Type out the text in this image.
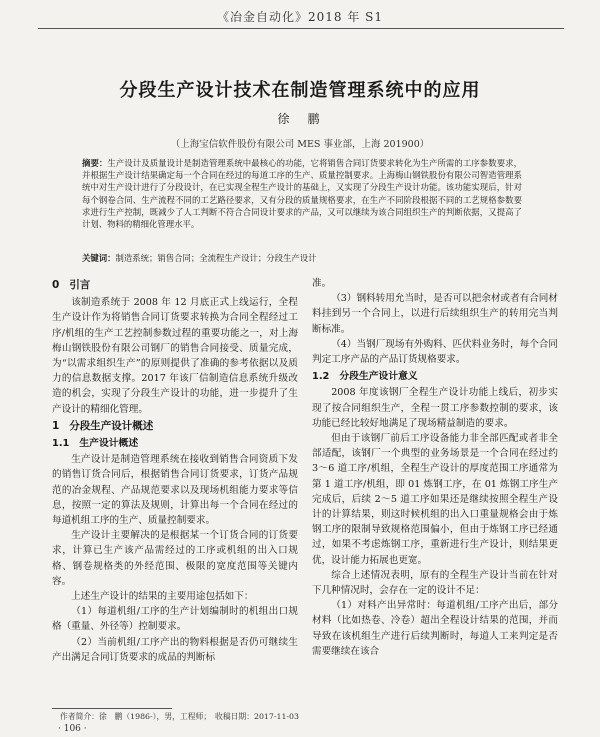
《冶金自动化》2018 年 S1
分段生产设计技术在制造管理系统中的应用
徐　鹏
（上海宝信软件股份有限公司 MES 事业部，上海 201900）
摘要：生产设计及质量设计是制造管理系统中最核心的功能，它将销售合同订货要求转化为生产所需的工序参数要求，并根据生产设计结果确定每一个合同在经过的每道工序的生产、质量控制要求。上海梅山钢铁股份有限公司智造管理系统中对生产设计进行了分段设计，在已实现全程生产设计的基础上，又实现了分段生产设计功能。该功能实现后，针对每个钢卷合同、生产流程不同的工艺路径要求，又有分段的质量规格要求，在生产不同阶段根据不同的工艺规格参数要求进行生产控制，既减少了人工判断不符合合同设计要求的产品，又可以继续为该合同组织生产的判断依据，又提高了计划、物料的精细化管理水平。
关键词：制造系统；销售合同；全流程生产设计；分段生产设计
0 引言

该制造系统于 2008 年 12 月底正式上线运行，全程生产设计作为将销售合同订货要求转换为合同全程经过工序/机组的生产工艺控制参数过程的重要功能之一，对上海梅山钢铁股份有限公司钢厂的销售合同接受、质量完成，为“以需求组织生产”的原则提供了准确的参考依据以及质力的信息数据支撑。2017 年该厂信制造信息系统升级改造的机会，实现了分段生产设计的功能，进一步提升了生产设计的精细化管理。

1 分段生产设计概述
1.1 生产设计概述

生产设计是制造管理系统在接收到销售合同资质下发的销售订货合同后，根据销售合同订货要求，订货产品规范的冶金规程、产品规范要求以及现场机组能力要求等信息，按照一定的算法及规则，计算出每一个合同在经过的每道机组工序的生产、质量控制要求。

生产设计主要解决的是根据某一个订货合同的订货要求，计算已生产该产品需经过的工序或机组的出入口规格、钢卷规格类的外经范围、极限的宽度范围等关键内容。

上述生产设计的结果的主要用途包括如下：

（1）每道机组/工序的生产计划编制时的机组出口规格（重量、外径等）控制要求。

（2）当前机组/工序产出的物料根据是否仍可继续生产出满足合同订货要求的成品的判断标

准。

（3）钢料转用允当时，是否可以把余材或者有合同材料挂到另一个合同上，以进行后续组织生产的转用完当判断标准。

（4）当钢厂现场有外购料、匹伏料业务时，每个合同判定工序产品的产品订货规格要求。

1.2 分段生产设计意义

2008 年度该钢厂全程生产设计功能上线后，初步实现了按合同组织生产，全程一贯工序参数控制的要求，该功能已经比较好地满足了现场精益制造的要求。

但由于该钢厂前后工序设备能力非全部匹配或者非全部适配，该钢厂一个典型的业务场景是一个合同在经过约 3～6 道工序/机组，全程生产设计的厚度范围工序通常为第 1 道工序/机组，即 01 炼钢工序，在 01 炼钢工序生产完成后，后续 2～5 道工序如果还是继续按照全程生产设计的计算结果，则这时候机组的出入口重量规格会由于炼钢工序的限制导致规格范围偏小，但由于炼钢工序已经通过，如果不考虑炼钢工序，重新进行生产设计，则结果更优，设计能力拓展也更宽。

综合上述情况表明，原有的全程生产设计当前在针对下几种情况时，会存在一定的设计不足：

（1）对料产出异常时：每道机组/工序产出后，部分材料（比如热卷、冷卷）超出全程设计结果的范围，并而导致在该机组生产进行后续判断时，每道人工来判定是否需要继续在该合

作者简介：徐　鹏（1986-），男，工程师；　收稿日期：2017-11-03
· 106 ·
